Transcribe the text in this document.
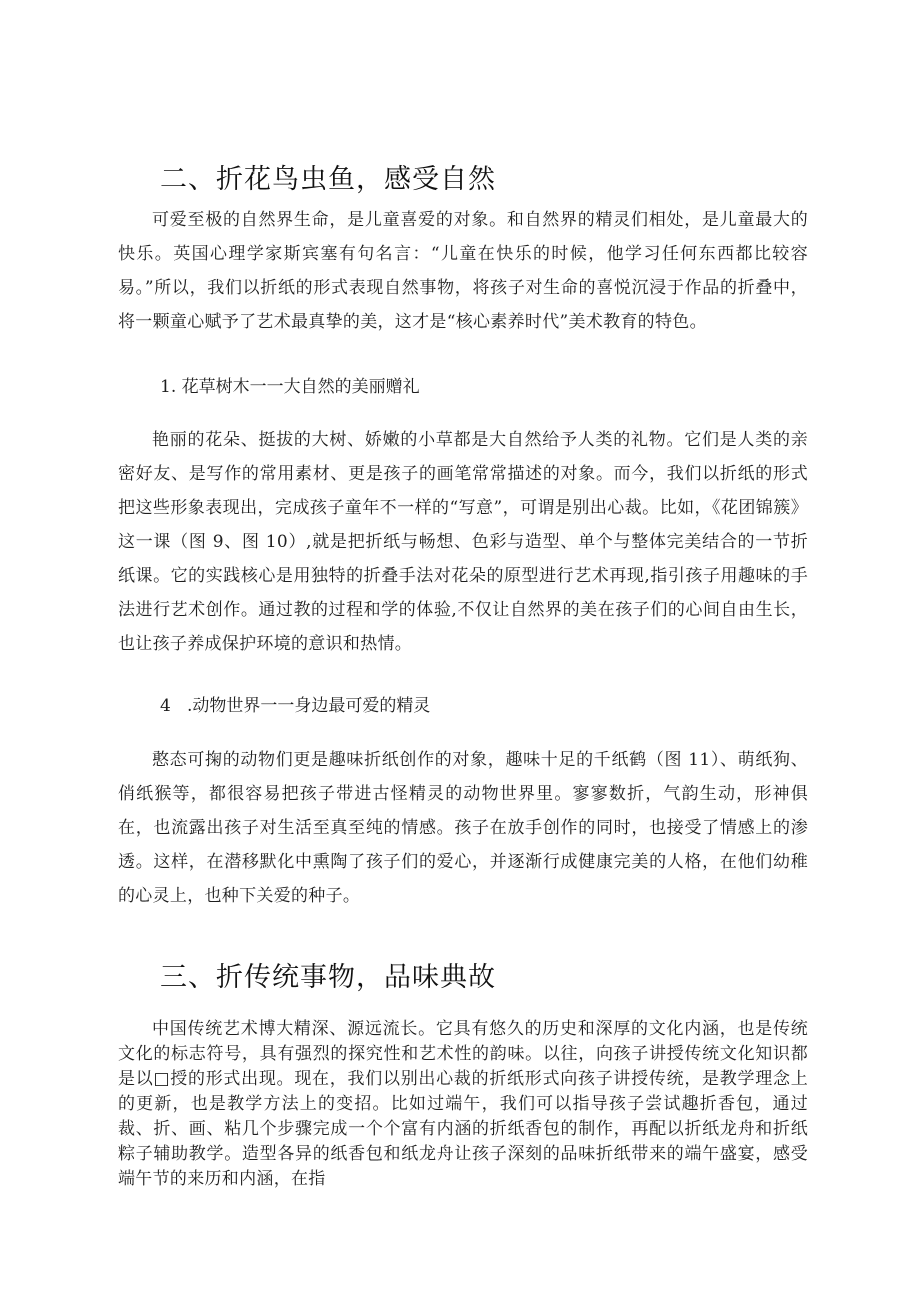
二、折花鸟虫鱼，感受自然

可爱至极的自然界生命，是儿童喜爱的对象。和自然界的精灵们相处，是儿童最大的快乐。英国心理学家斯宾塞有句名言：“儿童在快乐的时候，他学习任何东西都比较容易。”所以，我们以折纸的形式表现自然事物，将孩子对生命的喜悦沉浸于作品的折叠中，将一颗童心赋予了艺术最真挚的美，这才是“核心素养时代”美术教育的特色。

1. 花草树木一一大自然的美丽赠礼

艳丽的花朵、挺拔的大树、娇嫩的小草都是大自然给予人类的礼物。它们是人类的亲密好友、是写作的常用素材、更是孩子的画笔常常描述的对象。而今，我们以折纸的形式把这些形象表现出，完成孩子童年不一样的“写意”，可谓是别出心裁。比如，《花团锦簇》这一课（图 9、图 10）,就是把折纸与畅想、色彩与造型、单个与整体完美结合的一节折纸课。它的实践核心是用独特的折叠手法对花朵的原型进行艺术再现,指引孩子用趣味的手法进行艺术创作。通过教的过程和学的体验,不仅让自然界的美在孩子们的心间自由生长，也让孩子养成保护环境的意识和热情。

4   .动物世界一一身边最可爱的精灵

憨态可掬的动物们更是趣味折纸创作的对象，趣味十足的千纸鹤（图 11）、萌纸狗、俏纸猴等，都很容易把孩子带进古怪精灵的动物世界里。寥寥数折，气韵生动，形神俱在，也流露出孩子对生活至真至纯的情感。孩子在放手创作的同时，也接受了情感上的渗透。这样，在潜移默化中熏陶了孩子们的爱心，并逐渐行成健康完美的人格，在他们幼稚的心灵上，也种下关爱的种子。

三、折传统事物，品味典故

中国传统艺术博大精深、源远流长。它具有悠久的历史和深厚的文化内涵，也是传统文化的标志符号，具有强烈的探究性和艺术性的韵味。以往，向孩子讲授传统文化知识都是以□授的形式出现。现在，我们以别出心裁的折纸形式向孩子讲授传统，是教学理念上的更新，也是教学方法上的变招。比如过端午，我们可以指导孩子尝试趣折香包，通过裁、折、画、粘几个步骤完成一个个富有内涵的折纸香包的制作，再配以折纸龙舟和折纸粽子辅助教学。造型各异的纸香包和纸龙舟让孩子深刻的品味折纸带来的端午盛宴，感受端午节的来历和内涵，在指
